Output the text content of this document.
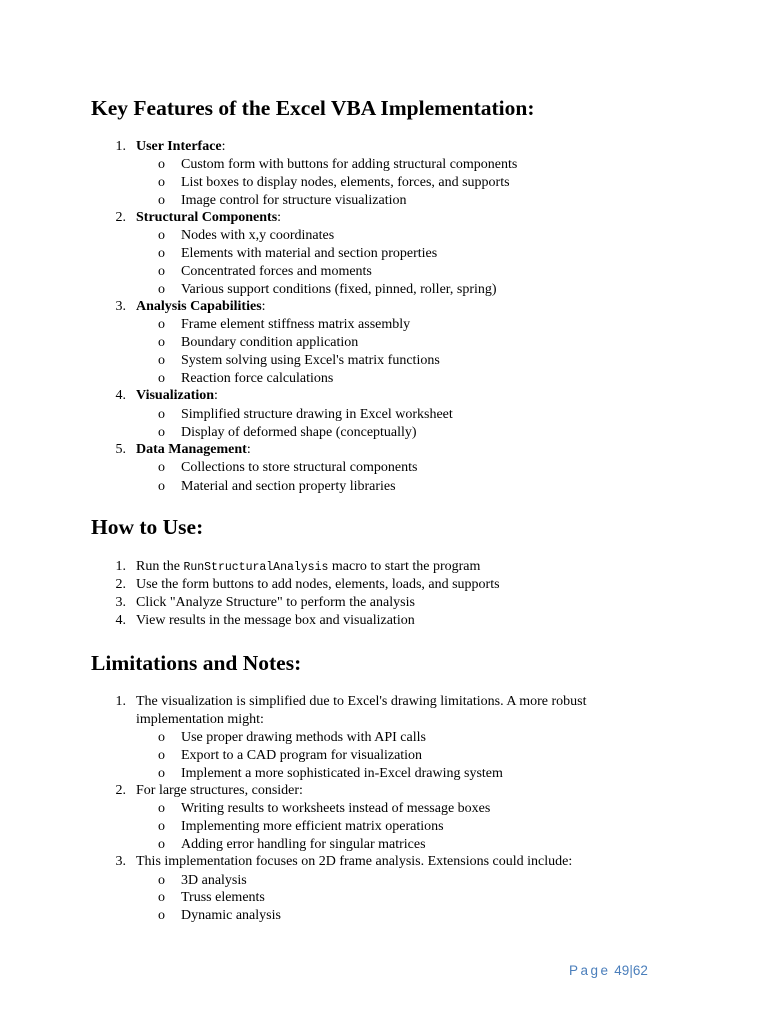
Key Features of the Excel VBA Implementation:
1. User Interface:
o Custom form with buttons for adding structural components
o List boxes to display nodes, elements, forces, and supports
o Image control for structure visualization
2. Structural Components:
o Nodes with x,y coordinates
o Elements with material and section properties
o Concentrated forces and moments
o Various support conditions (fixed, pinned, roller, spring)
3. Analysis Capabilities:
o Frame element stiffness matrix assembly
o Boundary condition application
o System solving using Excel's matrix functions
o Reaction force calculations
4. Visualization:
o Simplified structure drawing in Excel worksheet
o Display of deformed shape (conceptually)
5. Data Management:
o Collections to store structural components
o Material and section property libraries
How to Use:
1. Run the RunStructuralAnalysis macro to start the program
2. Use the form buttons to add nodes, elements, loads, and supports
3. Click "Analyze Structure" to perform the analysis
4. View results in the message box and visualization
Limitations and Notes:
1. The visualization is simplified due to Excel's drawing limitations. A more robust
implementation might:
o Use proper drawing methods with API calls
o Export to a CAD program for visualization
o Implement a more sophisticated in-Excel drawing system
2. For large structures, consider:
o Writing results to worksheets instead of message boxes
o Implementing more efficient matrix operations
o Adding error handling for singular matrices
3. This implementation focuses on 2D frame analysis. Extensions could include:
o 3D analysis
o Truss elements
o Dynamic analysis
Page 49|62
